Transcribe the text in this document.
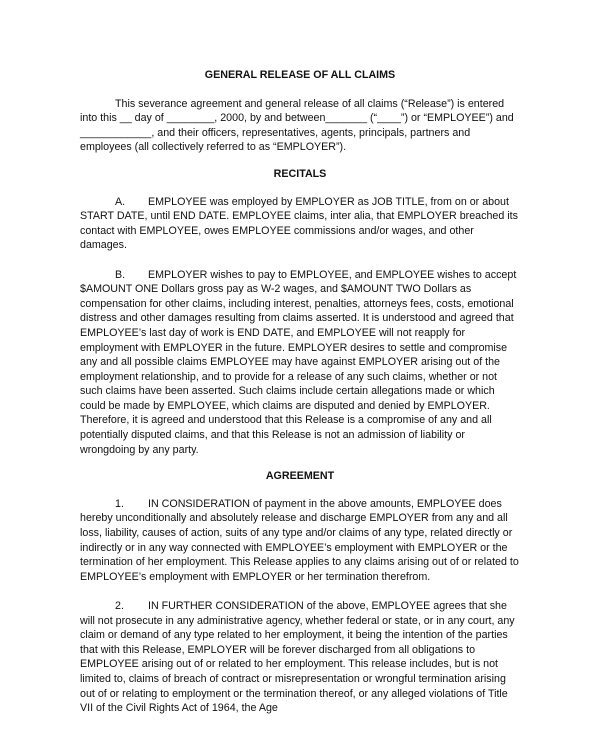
GENERAL RELEASE OF ALL CLAIMS

This severance agreement and general release of all claims (“Release”) is entered into this __ day of ________, 2000, by and between_______ (“____”) or “EMPLOYEE”) and ____________, and their officers, representatives, agents, principals, partners and employees (all collectively referred to as “EMPLOYER”).

RECITALS

A. EMPLOYEE was employed by EMPLOYER as JOB TITLE, from on or about START DATE, until END DATE. EMPLOYEE claims, inter alia, that EMPLOYER breached its contact with EMPLOYEE, owes EMPLOYEE commissions and/or wages, and other damages.

B. EMPLOYER wishes to pay to EMPLOYEE, and EMPLOYEE wishes to accept $AMOUNT ONE Dollars gross pay as W-2 wages, and $AMOUNT TWO Dollars as compensation for other claims, including interest, penalties, attorneys fees, costs, emotional distress and other damages resulting from claims asserted. It is understood and agreed that EMPLOYEE’s last day of work is END DATE, and EMPLOYEE will not reapply for employment with EMPLOYER in the future. EMPLOYER desires to settle and compromise any and all possible claims EMPLOYEE may have against EMPLOYER arising out of the employment relationship, and to provide for a release of any such claims, whether or not such claims have been asserted. Such claims include certain allegations made or which could be made by EMPLOYEE, which claims are disputed and denied by EMPLOYER. Therefore, it is agreed and understood that this Release is a compromise of any and all potentially disputed claims, and that this Release is not an admission of liability or wrongdoing by any party.

AGREEMENT

1. IN CONSIDERATION of payment in the above amounts, EMPLOYEE does hereby unconditionally and absolutely release and discharge EMPLOYER from any and all loss, liability, causes of action, suits of any type and/or claims of any type, related directly or indirectly or in any way connected with EMPLOYEE’s employment with EMPLOYER or the termination of her employment. This Release applies to any claims arising out of or related to EMPLOYEE’s employment with EMPLOYER or her termination therefrom.

2. IN FURTHER CONSIDERATION of the above, EMPLOYEE agrees that she will not prosecute in any administrative agency, whether federal or state, or in any court, any claim or demand of any type related to her employment, it being the intention of the parties that with this Release, EMPLOYER will be forever discharged from all obligations to EMPLOYEE arising out of or related to her employment. This release includes, but is not limited to, claims of breach of contract or misrepresentation or wrongful termination arising out of or relating to employment or the termination thereof, or any alleged violations of Title VII of the Civil Rights Act of 1964, the Age
